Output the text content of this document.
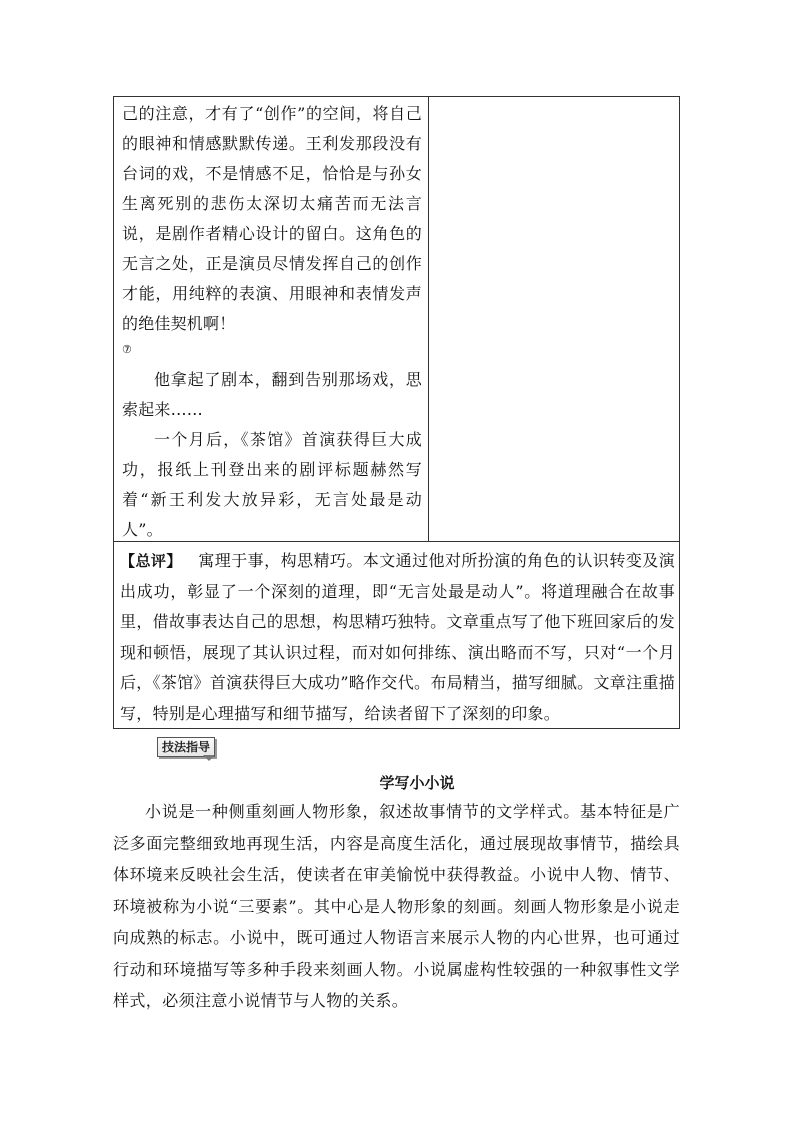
己的注意，才有了“创作”的空间，将自己的眼神和情感默默传递。王利发那段没有台词的戏，不是情感不足，恰恰是与孙女生离死别的悲伤太深切太痛苦而无法言说，是剧作者精心设计的留白。这角色的无言之处，正是演员尽情发挥自己的创作才能，用纯粹的表演、用眼神和表情发声的绝佳契机啊！

⑦

他拿起了剧本，翻到告别那场戏，思索起来……

一个月后，《茶馆》首演获得巨大成功，报纸上刊登出来的剧评标题赫然写着“新王利发大放异彩，无言处最是动人”。

【总评】 寓理于事，构思精巧。本文通过他对所扮演的角色的认识转变及演出成功，彰显了一个深刻的道理，即“无言处最是动人”。将道理融合在故事里，借故事表达自己的思想，构思精巧独特。文章重点写了他下班回家后的发现和顿悟，展现了其认识过程，而对如何排练、演出略而不写，只对“一个月后，《茶馆》首演获得巨大成功”略作交代。布局精当，描写细腻。文章注重描写，特别是心理描写和细节描写，给读者留下了深刻的印象。

技法指导
学写小小说

小说是一种侧重刻画人物形象，叙述故事情节的文学样式。基本特征是广泛多面完整细致地再现生活，内容是高度生活化，通过展现故事情节，描绘具体环境来反映社会生活，使读者在审美愉悦中获得教益。小说中人物、情节、环境被称为小说“三要素”。其中心是人物形象的刻画。刻画人物形象是小说走向成熟的标志。小说中，既可通过人物语言来展示人物的内心世界，也可通过行动和环境描写等多种手段来刻画人物。小说属虚构性较强的一种叙事性文学样式，必须注意小说情节与人物的关系。
